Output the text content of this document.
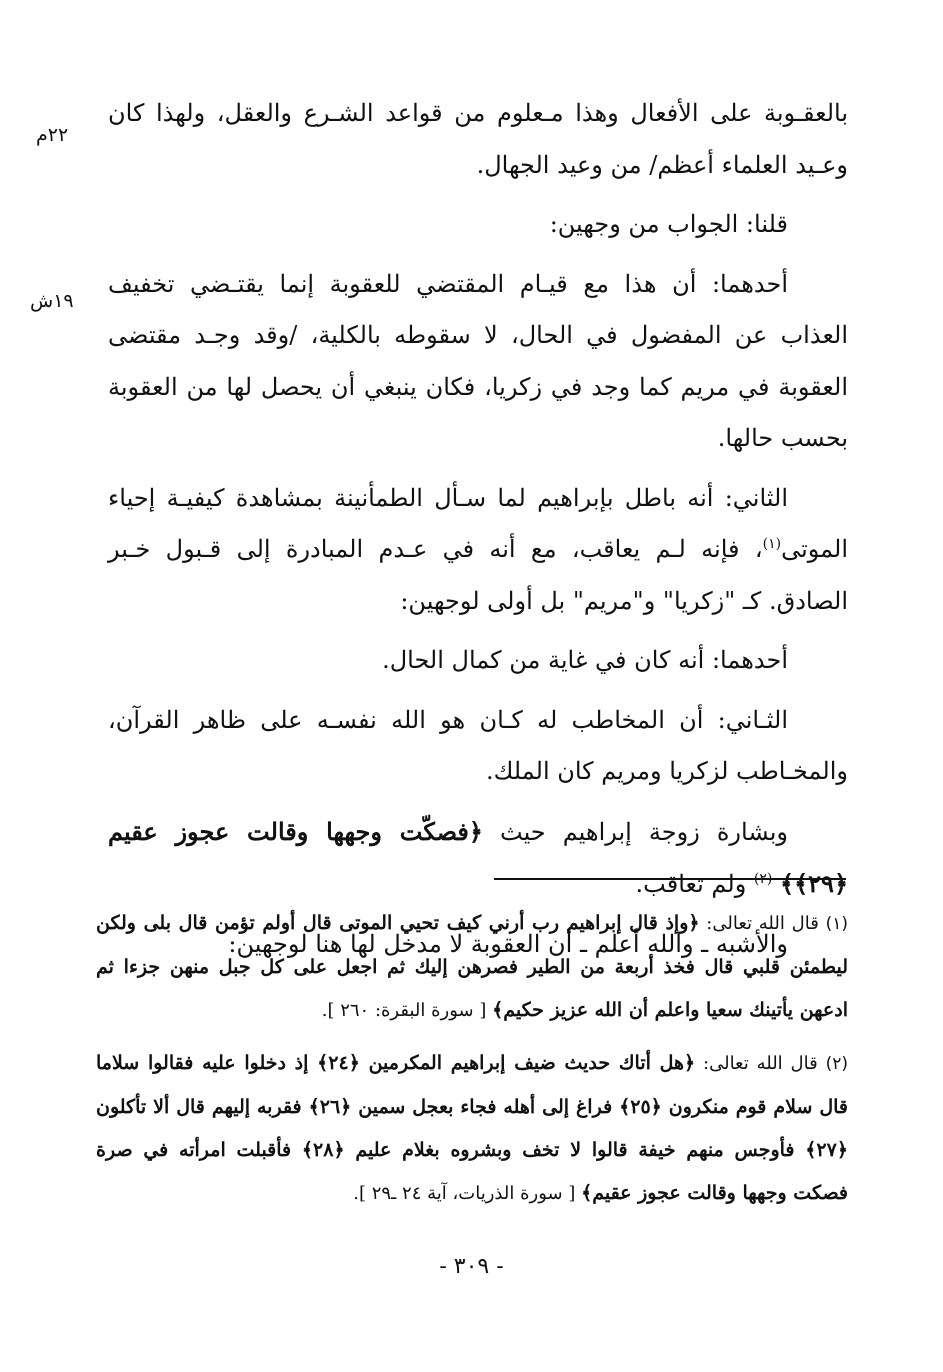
٢٢م
١٩ش

بالعقـوبة على الأفعال وهذا مـعلوم من قواعد الشـرع والعقل، ولهذا كان وعـيد العلماء أعظم/ من وعيد الجهال.

قلنا: الجواب من وجهين:

أحدهما: أن هذا مع قيـام المقتضي للعقوبة إنما يقتـضي تخفيف العذاب عن المفضول في الحال، لا سقوطه بالكلية، /وقد وجـد مقتضى العقوبة في مريم كما وجد في زكريا، فكان ينبغي أن يحصل لها من العقوبة بحسب حالها.

الثاني: أنه باطل بإبراهيم لما سـأل الطمأنينة بمشاهدة كيفيـة إحياء الموتى$^{(١)}$، فإنه لـم يعاقب، مع أنه في عـدم المبادرة إلى قـبول خـبر الصادق. كـ "زكريا" و"مريم" بل أولى لوجهين:

أحدهما: أنه كان في غاية من كمال الحال.

الثـاني: أن المخاطب له كـان هو الله نفسـه على ظاهر القرآن، والمخـاطب لزكريا ومريم كان الملك.

وبشارة زوجة إبراهيم حيث ﴿فصكّت وجهها وقالت عجوز عقيم ﴿٢٩﴾﴾ $^{(٢)}$ ولم تعاقب.

والأشبه ـ والله أعلم ـ أن العقوبة لا مدخل لها هنا لوجهين:

(١) قال الله تعالى: ﴿وإذ قال إبراهيم رب أرني كيف تحيي الموتى قال أولم تؤمن قال بلى ولكن ليطمئن قلبي قال فخذ أربعة من الطير فصرهن إليك ثم اجعل على كل جبل منهن جزءا ثم ادعهن يأتينك سعيا واعلم أن الله عزيز حكيم﴾ [ سورة البقرة: ٢٦٠ ].

(٢) قال الله تعالى: ﴿هل أتاك حديث ضيف إبراهيم المكرمين ﴿٢٤﴾ إذ دخلوا عليه فقالوا سلاما قال سلام قوم منكرون ﴿٢٥﴾ فراغ إلى أهله فجاء بعجل سمين ﴿٢٦﴾ فقربه إليهم قال ألا تأكلون ﴿٢٧﴾ فأوجس منهم خيفة قالوا لا تخف وبشروه بغلام عليم ﴿٢٨﴾ فأقبلت امرأته في صرة فصكت وجهها وقالت عجوز عقيم﴾ [ سورة الذريات، آية ٢٤ ـ٢٩ ].

- ٣٠٩ -
